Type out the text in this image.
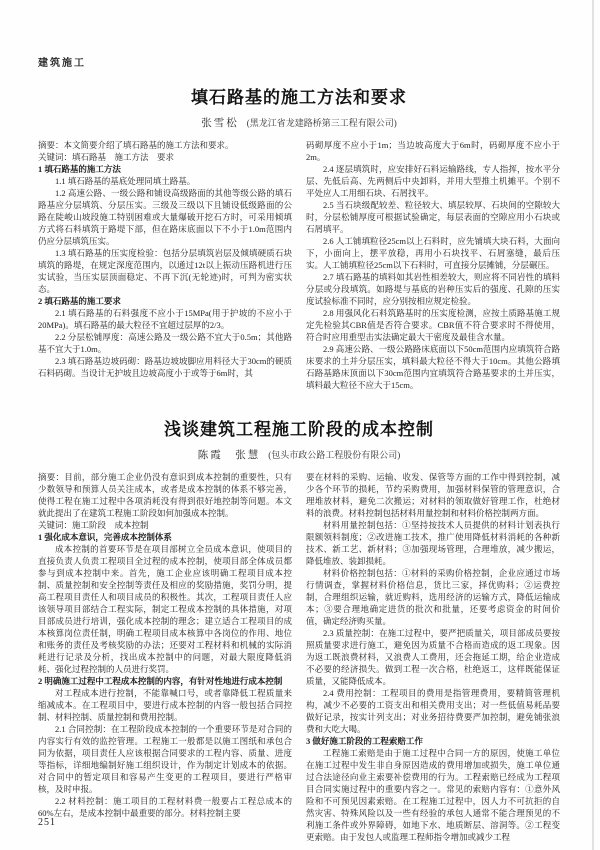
建筑施工
填石路基的施工方法和要求
张雪松 (黑龙江省龙建路桥第三工程有限公司)

摘要：本文简要介绍了填石路基的施工方法和要求。

关键词：填石路基　施工方法　要求

1 填石路基的施工方法

1.1 填石路基的基底处理同填土路基。

1.2 高速公路、一级公路和铺设高级路面的其他等级公路的填石路基应分层填筑、分层压实。三级及三级以下且铺设低级路面的公路在陡峻山坡段施工特别困难或大量爆破开挖石方时，可采用倾填方式将石料填筑于路堤下部，但在路床底面以下不小于1.0m范围内仍应分层填筑压实。

1.3 填石路基的压实度检验：包括分层填筑岩层及倾填硬质石块填筑的路堤，在规定深度范围内，以通过12t以上振动压路机进行压实试验，当压实层顶面稳定、不再下沉(无轮迹)时，可判为密实状态。

2 填石路基的施工要求

2.1 填石路基的石料强度不应小于15MPa(用于护坡的不应小于20MPa)。填石路基的最大粒径不宜超过层厚的2/3。

2.2 分层松铺厚度：高速公路及一级公路不宜大于0.5m；其他路基不宜大于1.0m。

2.3 填石路基边坡码砌：路基边坡坡脚应用料径大于30cm的硬质石料码砌。当设计无护坡且边坡高度小于或等于6m时，其

码砌厚度不应小于1m；当边坡高度大于6m时，码砌厚度不应小于2m。

2.4 逐层填筑时，应安排好石料运输路线，专人指挥，按水平分层、先低后高、先两侧后中央卸料，并用大型推土机摊平。个别不平处应人工用细石块、石屑找平。

2.5 当石块级配较差、粒径较大、填层较厚、石块间的空隙较大时，分层松铺厚度可根据试验确定，每层表面的空隙应用小石块或石屑填平。

2.6 人工铺填粒径25cm以上石料时，应先铺填大块石料，大面向下，小面向上，摆平放稳，再用小石块找平、石屑塞缝，最后压实。人工铺填粒径25cm以下石料时，可直接分层摊铺，分层碾压。

2.7 填石路基的填料如其岩性相差较大，则应将不同岩性的填料分层或分段填筑。如路堤与基底的岩种压实后的强度、孔隙的压实度试验标准不同时，应分别按相应规定检验。

2.8 用强风化石料筑路基时的压实度检测，应按土质路基施工规定先检验其CBR值是否符合要求。CBR值不符合要求时不得使用，符合时应用重型击实法确定最大干密度及最佳含水量。

2.9 高速公路、一级公路路床底面以下50cm范围内应填筑符合路床要求的土并分层压实，填料最大粒径不得大于10cm。其他公路填石路基路床顶面以下30cm范围内宜填筑符合路基要求的土并压实，填料最大粒径不应大于15cm。

浅谈建筑工程施工阶段的成本控制
陈霞　张慧 (包头市政公路工程股份有限公司)

摘要：目前，部分施工企业仍没有意识到成本控制的重要性，只有少数领导和预算人员关注成本，或者是成本控制的体系不够完善，使得工程在施工过程中各项消耗没有得到很好地控制等问题。本文就此提出了在建筑工程施工阶段如何加强成本控制。

关键词：施工阶段　成本控制

1 强化成本意识，完善成本控制体系

成本控制的首要环节是在项目部树立全员成本意识，使项目的直接负责人负责工程项目全过程的成本控制，使项目部全体成员都参与到成本控制中来。首先，施工企业应该明确工程项目成本控制、质量控制和安全控制等责任及相应的奖励措施，奖罚分明，提高工程项目责任人和项目成员的积极性。其次，工程项目责任人应该领导项目部结合工程实际，制定工程成本控制的具体措施，对项目部成员进行培训，强化成本控制的理念；建立适合工程项目的成本核算岗位责任制，明确工程项目成本核算中各岗位的作用、地位和账务的责任及考核奖励的办法；还要对工程材料和机械的实际消耗进行记录及分析，找出成本控制中的问题，对最大限度降低消耗、强化过程控制的人员进行奖罚。

2 明确施工过程中工程成本控制的内容，有针对性地进行成本控制

对工程成本进行控制，不能靠喊口号，或者靠降低工程质量来缩减成本。在工程项目中，要进行成本控制的内容一般包括合同控制、材料控制、质量控制和费用控制。

2.1 合同控制：在工程阶段成本控制的一个重要环节是对合同的内容实行有效的监控管理。工程施工一般都是以施工图纸和承包合同为依据，项目责任人应该根据合同要求的工程内容、质量、进度等指标，详细地编制好施工组织设计，作为制定计划成本的依据。对合同中的暂定项目和容易产生变更的工程项目，要进行严格审核，及时申报。

2.2 材料控制：施工项目的工程材料费一般要占工程总成本的60%左右，是成本控制中最重要的部分。材料控制主要

要在材料的采购、运输、收发、保管等方面的工作中得到控制，减少各个环节的损耗，节约采购费用，加强材料保管的管理意识，合理堆放材料，避免二次搬运；对材料的领取做好管理工作，杜绝材料的浪费。材料控制包括材料用量控制和材料价格控制两方面。

材料用量控制包括：①坚持按技术人员提供的材料计划表执行限额领料制度；②改进施工技术，推广使用降低材料消耗的各种新技术、新工艺、新材料；③加强现场管理，合理堆放，减少搬运，降低堆放、装卸损耗。

材料价格控制包括：①材料的采购价格控制，企业应通过市场行情调查，掌握材料价格信息，货比三家，择优购料；②运费控制，合理组织运输，就近购料，选用经济的运输方式，降低运输成本；③要合理地确定进货的批次和批量，还要考虑资金的时间价值，确定经济购买量。

2.3 质量控制：在施工过程中，要严把质量关，项目部成员要按照质量要求进行施工，避免因为质量不合格而造成的返工现象。因为返工既浪费材料，又浪费人工费用，还会拖延工期，给企业造成不必要的经济损失。做到工程一次合格，杜绝返工，这样既能保证质量，又能降低成本。

2.4 费用控制：工程项目的费用是指管理费用，要精简管理机构，减少不必要的工资支出和相关费用支出；对一些低值易耗品要做好记录，按实计列支出；对业务招待费要严加控制，避免铺张浪费和大吃大喝。

3 做好施工阶段的工程索赔工作

工程施工索赔是由于施工过程中合同一方的原因，使施工单位在施工过程中发生非自身原因造成的费用增加或损失，施工单位通过合法途径向业主索要补偿费用的行为。工程索赔已经成为工程项目合同实施过程中的重要内容之一。常见的索赔内容有：①意外风险和不可预见因素索赔。在工程施工过程中，因人力不可抗拒的自然灾害、特殊风险以及一些有经验的承包人通常不能合理预见的不利施工条件或外界障碍，如地下水、地质断层、溶洞等。②工程变更索赔。由于发包人或监理工程师指令增加或减少工程

251
